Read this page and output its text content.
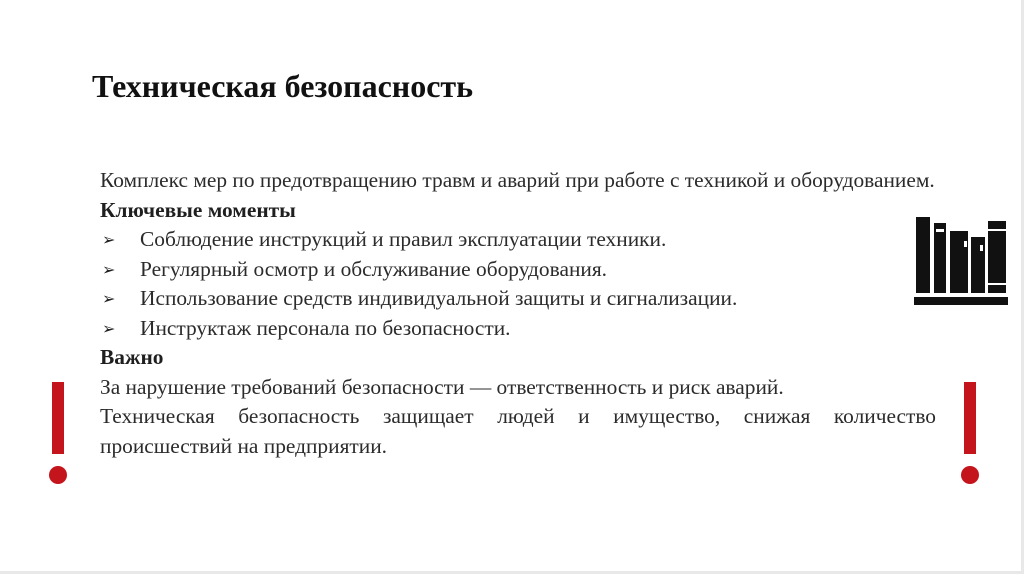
Техническая безопасность

Комплекс мер по предотвращению травм и аварий при работе с техникой и оборудованием.

Ключевые моменты
➢ Соблюдение инструкций и правил эксплуатации техники.
➢ Регулярный осмотр и обслуживание оборудования.
➢ Использование средств индивидуальной защиты и сигнализации.
➢ Инструктаж персонала по безопасности.
Важно

За нарушение требований безопасности — ответственность и риск аварий.

Техническая безопасность защищает людей и имущество, снижая количество происшествий на предприятии.
